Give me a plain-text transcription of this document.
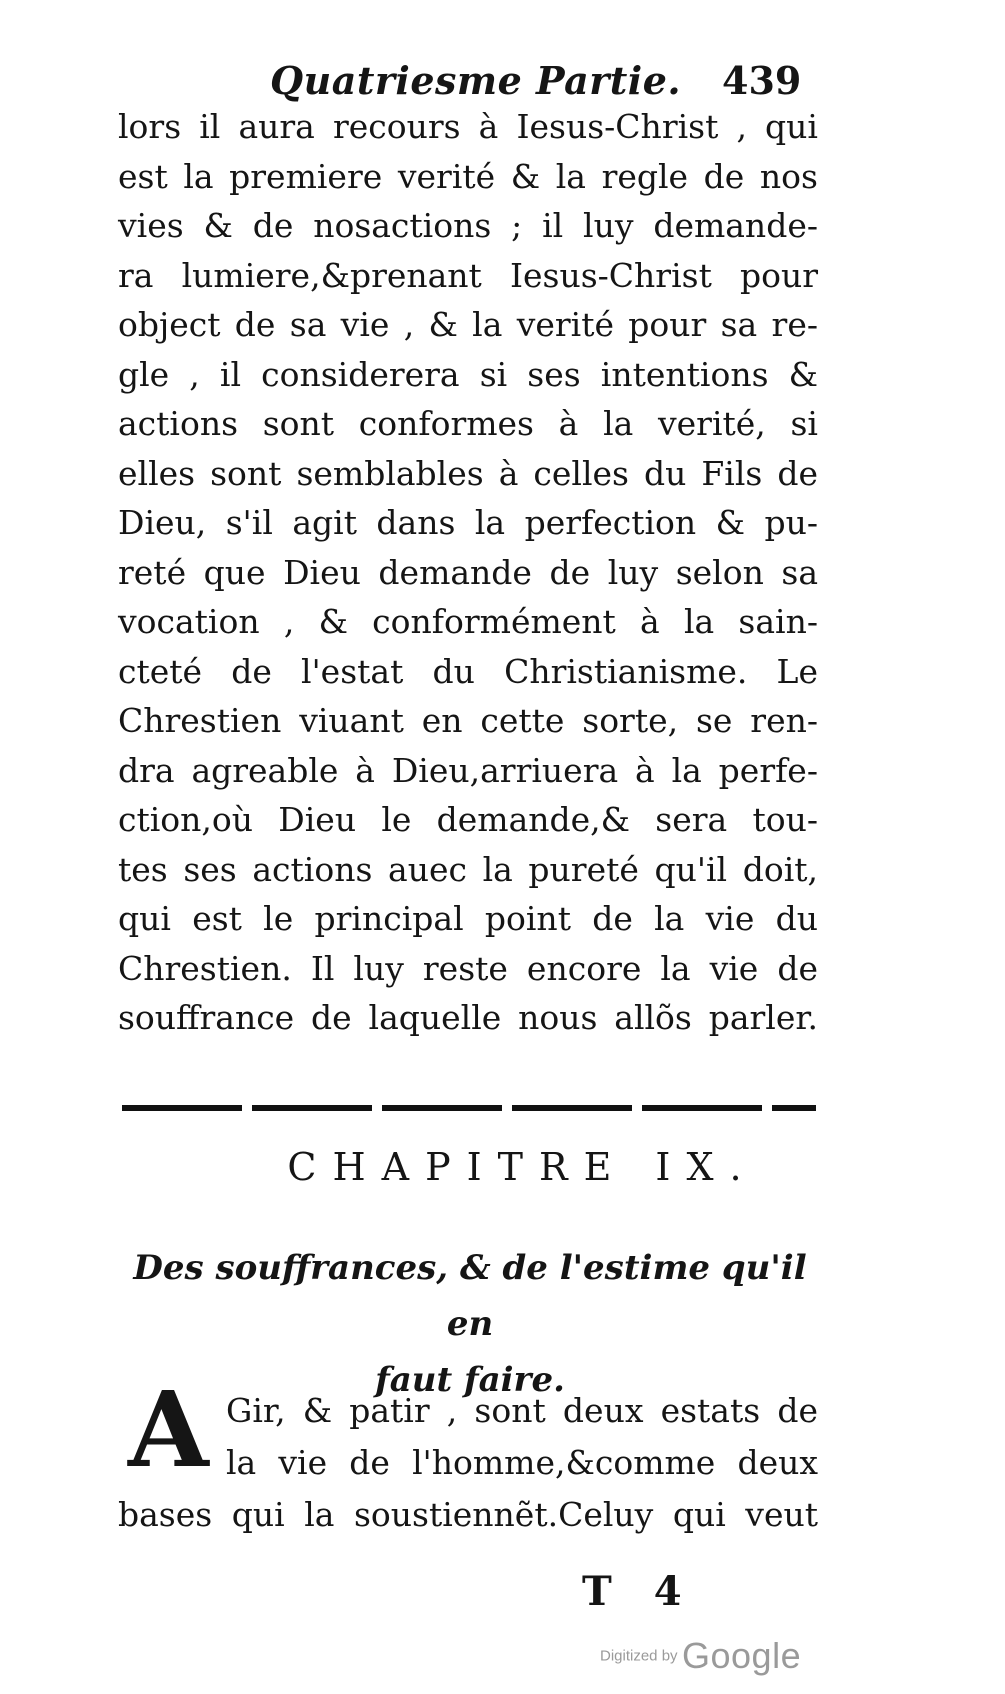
Quatriesme Partie. 439
lors il aura recours à Iesus-Christ , qui
est la premiere verité & la regle de nos
vies & de nosactions ; il luy demande-
ra lumiere,&prenant Iesus-Christ pour
object de sa vie , & la verité pour sa re-
gle , il considerera si ses intentions &
actions sont conformes à la verité, si
elles sont semblables à celles du Fils de
Dieu, s'il agit dans la perfection & pu-
reté que Dieu demande de luy selon sa
vocation , & conformément à la sain-
cteté de l'estat du Christianisme. Le
Chrestien viuant en cette sorte, se ren-
dra agreable à Dieu,arriuera à la perfe-
ction,où Dieu le demande,& sera tou-
tes ses actions auec la pureté qu'il doit,
qui est le principal point de la vie du
Chrestien. Il luy reste encore la vie de
souffrance de laquelle nous allõs parler.
CHAPITRE IX.
Des souffrances, & de l'estime qu'il en
faut faire.
A Gir, & patir , sont deux estats de
la vie de l'homme,&comme deux
bases qui la soustiennẽt.Celuy qui veut
T 4
Digitized by Google
